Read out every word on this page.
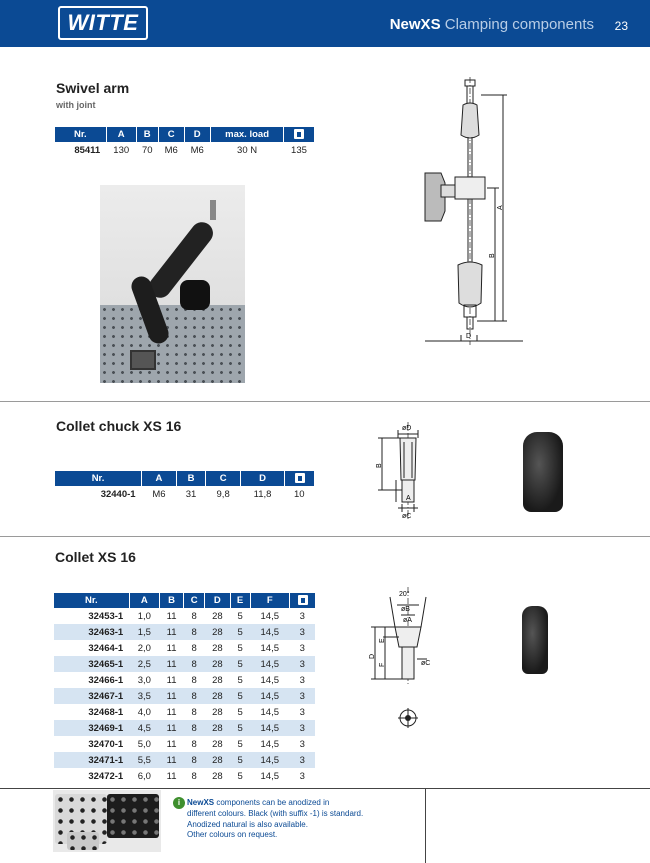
WITTE	NewXS Clamping components 23
Swivel arm
with joint
Nr.	A	B	C	D	max. load	
85411	130	70	M6	M6	30 N	135
B
A
D
Collet chuck XS 16
Nr.	A	B	C	D	
32440-1	M6	31	9,8	11,8	10
øD
B
A
øC
Collet XS 16
Nr.	A	B	C	D	E	F	
32453-1	1,0	11	8	28	5	14,5	3
32463-1	1,5	11	8	28	5	14,5	3
32464-1	2,0	11	8	28	5	14,5	3
32465-1	2,5	11	8	28	5	14,5	3
32466-1	3,0	11	8	28	5	14,5	3
32467-1	3,5	11	8	28	5	14,5	3
32468-1	4,0	11	8	28	5	14,5	3
32469-1	4,5	11	8	28	5	14,5	3
32470-1	5,0	11	8	28	5	14,5	3
32471-1	5,5	11	8	28	5	14,5	3
32472-1	6,0	11	8	28	5	14,5	3
20°
øB
øA
E
D
F	øC
i NewXS components can be anodized in
different colours. Black (with suffix -1) is standard.
Anodized natural is also available.
Other colours on request.
